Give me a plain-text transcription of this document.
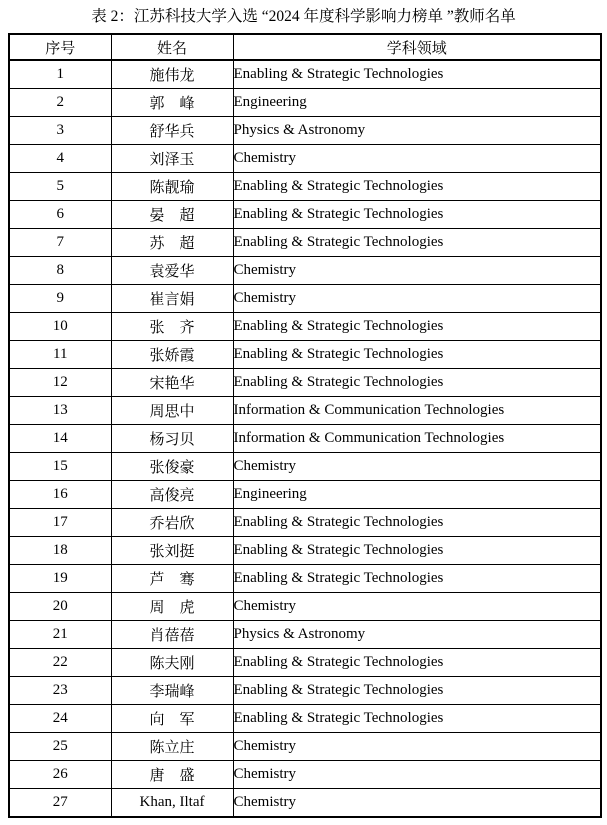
表 2：江苏科技大学入选 “2024 年度科学影响力榜单 ”教师名单
序号	姓名	学科领域
1	施伟龙	Enabling & Strategic Technologies
2	郭　峰	Engineering
3	舒华兵	Physics & Astronomy
4	刘泽玉	Chemistry
5	陈靓瑜	Enabling & Strategic Technologies
6	晏　超	Enabling & Strategic Technologies
7	苏　超	Enabling & Strategic Technologies
8	袁爱华	Chemistry
9	崔言娟	Chemistry
10	张　齐	Enabling & Strategic Technologies
11	张娇霞	Enabling & Strategic Technologies
12	宋艳华	Enabling & Strategic Technologies
13	周思中	Information & Communication Technologies
14	杨习贝	Information & Communication Technologies
15	张俊豪	Chemistry
16	高俊亮	Engineering
17	乔岩欣	Enabling & Strategic Technologies
18	张刘挺	Enabling & Strategic Technologies
19	芦　骞	Enabling & Strategic Technologies
20	周　虎	Chemistry
21	肖蓓蓓	Physics & Astronomy
22	陈夫刚	Enabling & Strategic Technologies
23	李瑞峰	Enabling & Strategic Technologies
24	向　军	Enabling & Strategic Technologies
25	陈立庄	Chemistry
26	唐　盛	Chemistry
27	Khan, Iltaf	Chemistry
